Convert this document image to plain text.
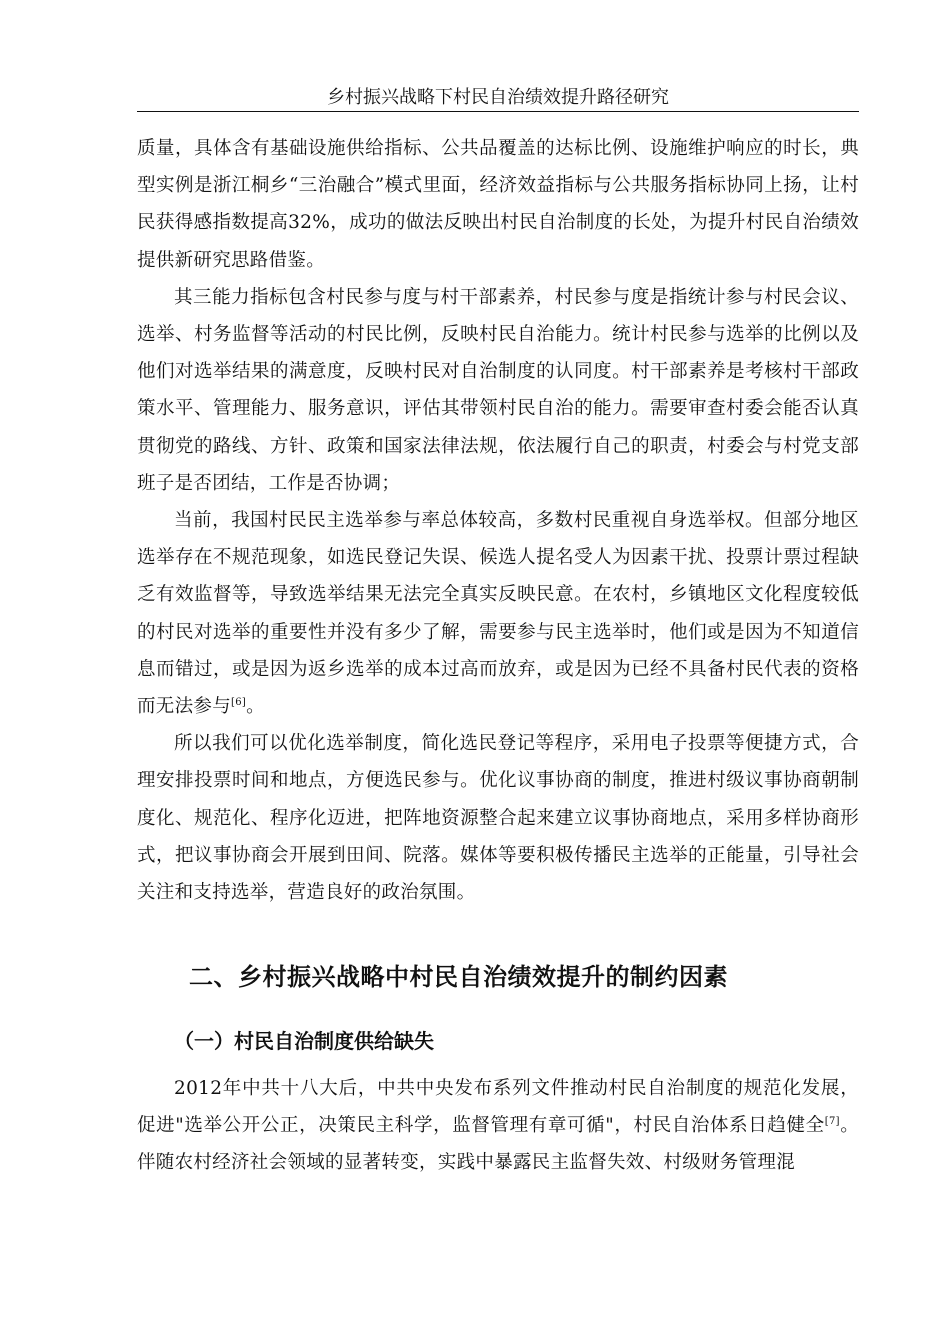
乡村振兴战略下村民自治绩效提升路径研究

质量，具体含有基础设施供给指标、公共品覆盖的达标比例、设施维护响应的时长，典型实例是浙江桐乡“三治融合”模式里面，经济效益指标与公共服务指标协同上扬，让村民获得感指数提高32%，成功的做法反映出村民自治制度的长处，为提升村民自治绩效提供新研究思路借鉴。

其三能力指标包含村民参与度与村干部素养，村民参与度是指统计参与村民会议、选举、村务监督等活动的村民比例，反映村民自治能力。统计村民参与选举的比例以及他们对选举结果的满意度，反映村民对自治制度的认同度。村干部素养是考核村干部政策水平、管理能力、服务意识，评估其带领村民自治的能力。需要审查村委会能否认真贯彻党的路线、方针、政策和国家法律法规，依法履行自己的职责，村委会与村党支部班子是否团结，工作是否协调；

当前，我国村民民主选举参与率总体较高，多数村民重视自身选举权。但部分地区选举存在不规范现象，如选民登记失误、候选人提名受人为因素干扰、投票计票过程缺乏有效监督等，导致选举结果无法完全真实反映民意。在农村，乡镇地区文化程度较低的村民对选举的重要性并没有多少了解，需要参与民主选举时，他们或是因为不知道信息而错过，或是因为返乡选举的成本过高而放弃，或是因为已经不具备村民代表的资格而无法参与[6]。

所以我们可以优化选举制度，简化选民登记等程序，采用电子投票等便捷方式，合理安排投票时间和地点，方便选民参与。优化议事协商的制度，推进村级议事协商朝制度化、规范化、程序化迈进，把阵地资源整合起来建立议事协商地点，采用多样协商形式，把议事协商会开展到田间、院落。媒体等要积极传播民主选举的正能量，引导社会关注和支持选举，营造良好的政治氛围。

二、乡村振兴战略中村民自治绩效提升的制约因素
（一）村民自治制度供给缺失

2012年中共十八大后，中共中央发布系列文件推动村民自治制度的规范化发展，促进"选举公开公正，决策民主科学，监督管理有章可循"，村民自治体系日趋健全[7]。伴随农村经济社会领域的显著转变，实践中暴露民主监督失效、村级财务管理混
